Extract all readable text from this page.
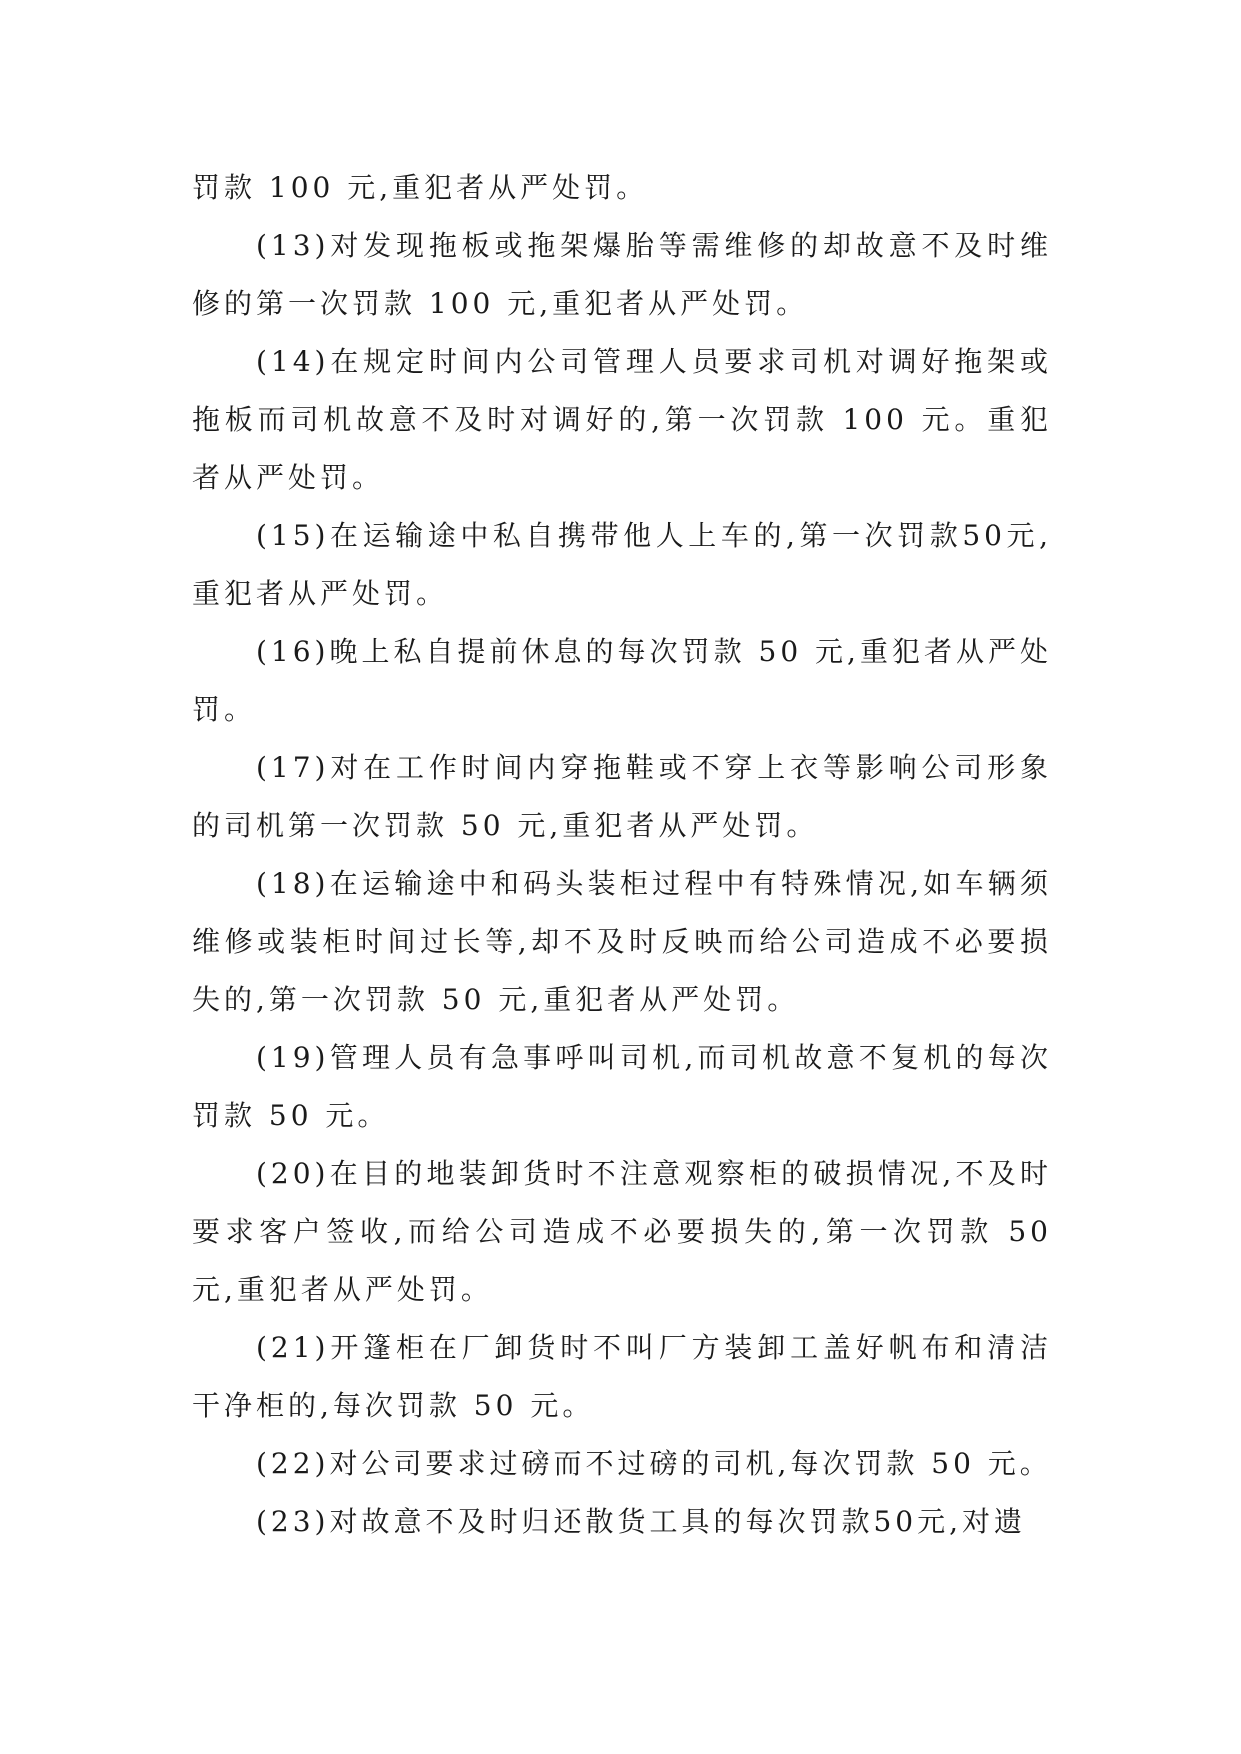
罚款 100 元,重犯者从严处罚。

(13)对发现拖板或拖架爆胎等需维修的却故意不及时维修的第一次罚款 100 元,重犯者从严处罚。

(14)在规定时间内公司管理人员要求司机对调好拖架或拖板而司机故意不及时对调好的,第一次罚款 100 元。重犯者从严处罚。

(15)在运输途中私自携带他人上车的,第一次罚款50元,重犯者从严处罚。

(16)晚上私自提前休息的每次罚款 50 元,重犯者从严处罚。

(17)对在工作时间内穿拖鞋或不穿上衣等影响公司形象的司机第一次罚款 50 元,重犯者从严处罚。

(18)在运输途中和码头装柜过程中有特殊情况,如车辆须维修或装柜时间过长等,却不及时反映而给公司造成不必要损失的,第一次罚款 50 元,重犯者从严处罚。

(19)管理人员有急事呼叫司机,而司机故意不复机的每次罚款 50 元。

(20)在目的地装卸货时不注意观察柜的破损情况,不及时要求客户签收,而给公司造成不必要损失的,第一次罚款 50 元,重犯者从严处罚。

(21)开篷柜在厂卸货时不叫厂方装卸工盖好帆布和清洁干净柜的,每次罚款 50 元。

(22)对公司要求过磅而不过磅的司机,每次罚款 50 元。

(23)对故意不及时归还散货工具的每次罚款50元,对遗
